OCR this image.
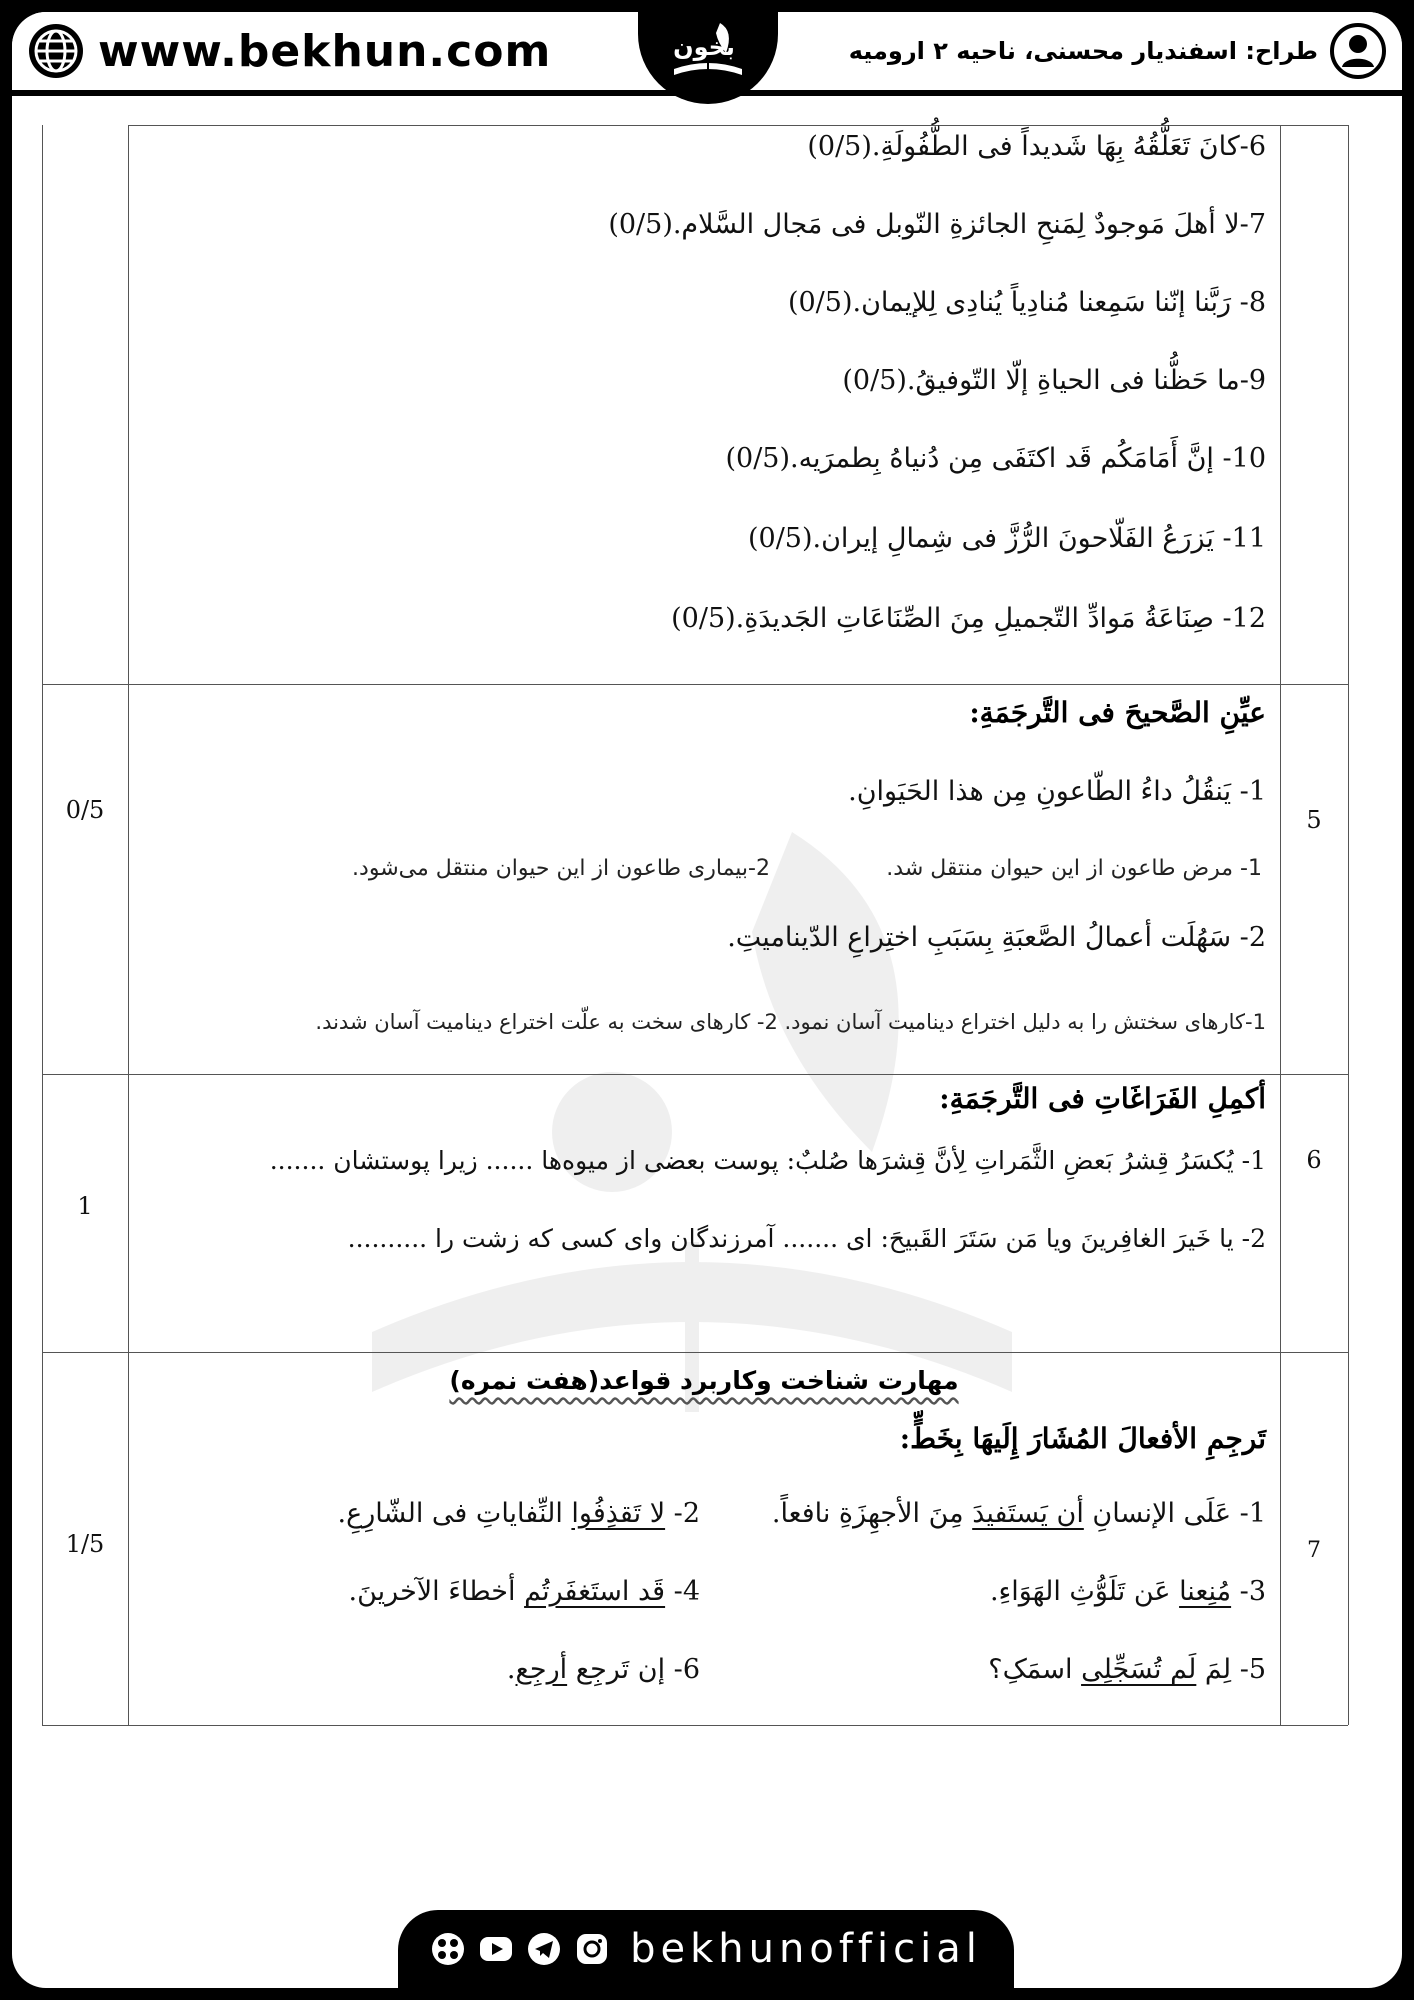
www.bekhun.com	طراح: اسفندیار محسنی، ناحیه ۲ ارومیه
بخون
6-كانَ تَعَلُّقُهُ بِهَا شَديداً فی الطُّفُولَةِ.(0/5)
7-لا أهلَ مَوجودٌ لِمَنحِ الجائزةِ النّوبل فی مَجال السَّلام.(0/5)
8- رَبَّنا إنّنا سَمِعنا مُنادِياً يُنادِی لِلإيمان.(0/5)
9-ما حَظُّنا فی الحياةِ إلّا التّوفيقُ.(0/5)
10- إنَّ أَمَامَكُم قَد اكتَفَى مِن دُنياهُ بِطمرَيه.(0/5)
11- يَزرَعُ الفَلّاحونَ الرُّزَّ فی شِمالِ إيران.(0/5)
12- صِنَاعَةُ مَوادِّ التّجميلِ مِنَ الصِّنَاعَاتِ الجَديدَةِ.(0/5)
5
0/5
عيِّنِ الصَّحيحَ فی التَّرجَمَةِ:
1- يَنقُلُ داءُ الطّاعونِ مِن هذا الحَيَوانِ.
1- مرض طاعون از این حیوان منتقل شد.
2-بیماری طاعون از این حیوان منتقل می‌شود.
2- سَهُلَت أعمالُ الصَّعبَةِ بِسَبَبِ اختِراعِ الدّيناميتِ.
1-کارهای سختش را به دلیل اختراع دینامیت آسان نمود. 2- کارهای سخت به علّت اختراع دینامیت آسان شدند.
6
1
أكمِلِ الفَرَاغَاتِ فی التَّرجَمَةِ:
1- يُكسَرُ قِشرُ بَعضِ الثَّمَراتِ لِأنَّ قِشرَها صُلبٌ: پوست بعضی از میوه‌ها ...... زیرا پوستشان .......
2- يا خَيرَ الغافِرينَ ويا مَن سَتَرَ القَبيحَ: ای ....... آمرزندگان وای کسی که زشت را ..........
7
1/5
مهارت شناخت وکاربرد قواعد(هفت نمره)
تَرجِمِ الأفعالَ المُشَارَ إِلَيهَا بِخَطٍّ:
1- عَلَى الإنسانِ أن يَستَفيدَ مِنَ الأجهِزَةِ نافعاً.
2- لا تَقذِفُوا النِّفاياتِ فی الشّارِعِ.
3- مُنِعنا عَن تَلَوُّثِ الهَوَاءِ.
4- قَد استَغفَرتُم أخطاءَ الآخرينَ.
5- لِمَ لَم تُسَجِّلِی اسمَکِ؟
6- إن تَرجِع أرجِع.
bekhunofficial
